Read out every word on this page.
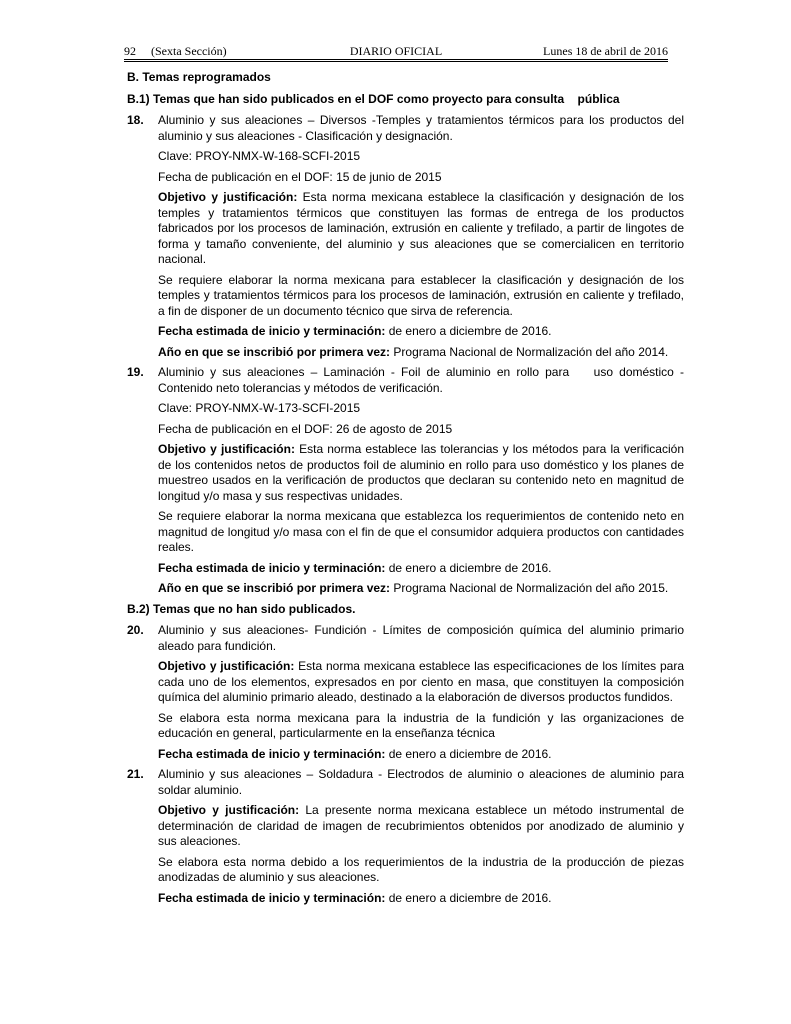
92 (Sexta Sección)	DIARIO OFICIAL	Lunes 18 de abril de 2016

B. Temas reprogramados

B.1) Temas que han sido publicados en el DOF como proyecto para consulta    pública

18. Aluminio y sus aleaciones – Diversos -Temples y tratamientos térmicos para los productos del aluminio y sus aleaciones - Clasificación y designación.

Clave: PROY-NMX-W-168-SCFI-2015

Fecha de publicación en el DOF: 15 de junio de 2015

Objetivo y justificación: Esta norma mexicana establece la clasificación y designación de los temples y tratamientos térmicos que constituyen las formas de entrega de los productos fabricados por los procesos de laminación, extrusión en caliente y trefilado, a partir de lingotes de forma y tamaño conveniente, del aluminio y sus aleaciones que se comercialicen en territorio nacional.

Se requiere elaborar la norma mexicana para establecer la clasificación y designación de los temples y tratamientos térmicos para los procesos de laminación, extrusión en caliente y trefilado, a fin de disponer de un documento técnico que sirva de referencia.

Fecha estimada de inicio y terminación: de enero a diciembre de 2016.

Año en que se inscribió por primera vez: Programa Nacional de Normalización del año 2014.

19. Aluminio y sus aleaciones – Laminación - Foil de aluminio en rollo para    uso doméstico - Contenido neto tolerancias y métodos de verificación.

Clave: PROY-NMX-W-173-SCFI-2015

Fecha de publicación en el DOF: 26 de agosto de 2015

Objetivo y justificación: Esta norma establece las tolerancias y los métodos para la verificación de los contenidos netos de productos foil de aluminio en rollo para uso doméstico y los planes de muestreo usados en la verificación de productos que declaran su contenido neto en magnitud de longitud y/o masa y sus respectivas unidades.

Se requiere elaborar la norma mexicana que establezca los requerimientos de contenido neto en magnitud de longitud y/o masa con el fin de que el consumidor adquiera productos con cantidades reales.

Fecha estimada de inicio y terminación: de enero a diciembre de 2016.

Año en que se inscribió por primera vez: Programa Nacional de Normalización del año 2015.

B.2) Temas que no han sido publicados.

20. Aluminio y sus aleaciones- Fundición - Límites de composición química del aluminio primario aleado para fundición.

Objetivo y justificación: Esta norma mexicana establece las especificaciones de los límites para cada uno de los elementos, expresados en por ciento en masa, que constituyen la composición química del aluminio primario aleado, destinado a la elaboración de diversos productos fundidos.

Se elabora esta norma mexicana para la industria de la fundición y las organizaciones de educación en general, particularmente en la enseñanza técnica

Fecha estimada de inicio y terminación: de enero a diciembre de 2016.

21. Aluminio y sus aleaciones – Soldadura - Electrodos de aluminio o aleaciones de aluminio para soldar aluminio.

Objetivo y justificación: La presente norma mexicana establece un método instrumental de determinación de claridad de imagen de recubrimientos obtenidos por anodizado de aluminio y sus aleaciones.

Se elabora esta norma debido a los requerimientos de la industria de la producción de piezas anodizadas de aluminio y sus aleaciones.

Fecha estimada de inicio y terminación: de enero a diciembre de 2016.
